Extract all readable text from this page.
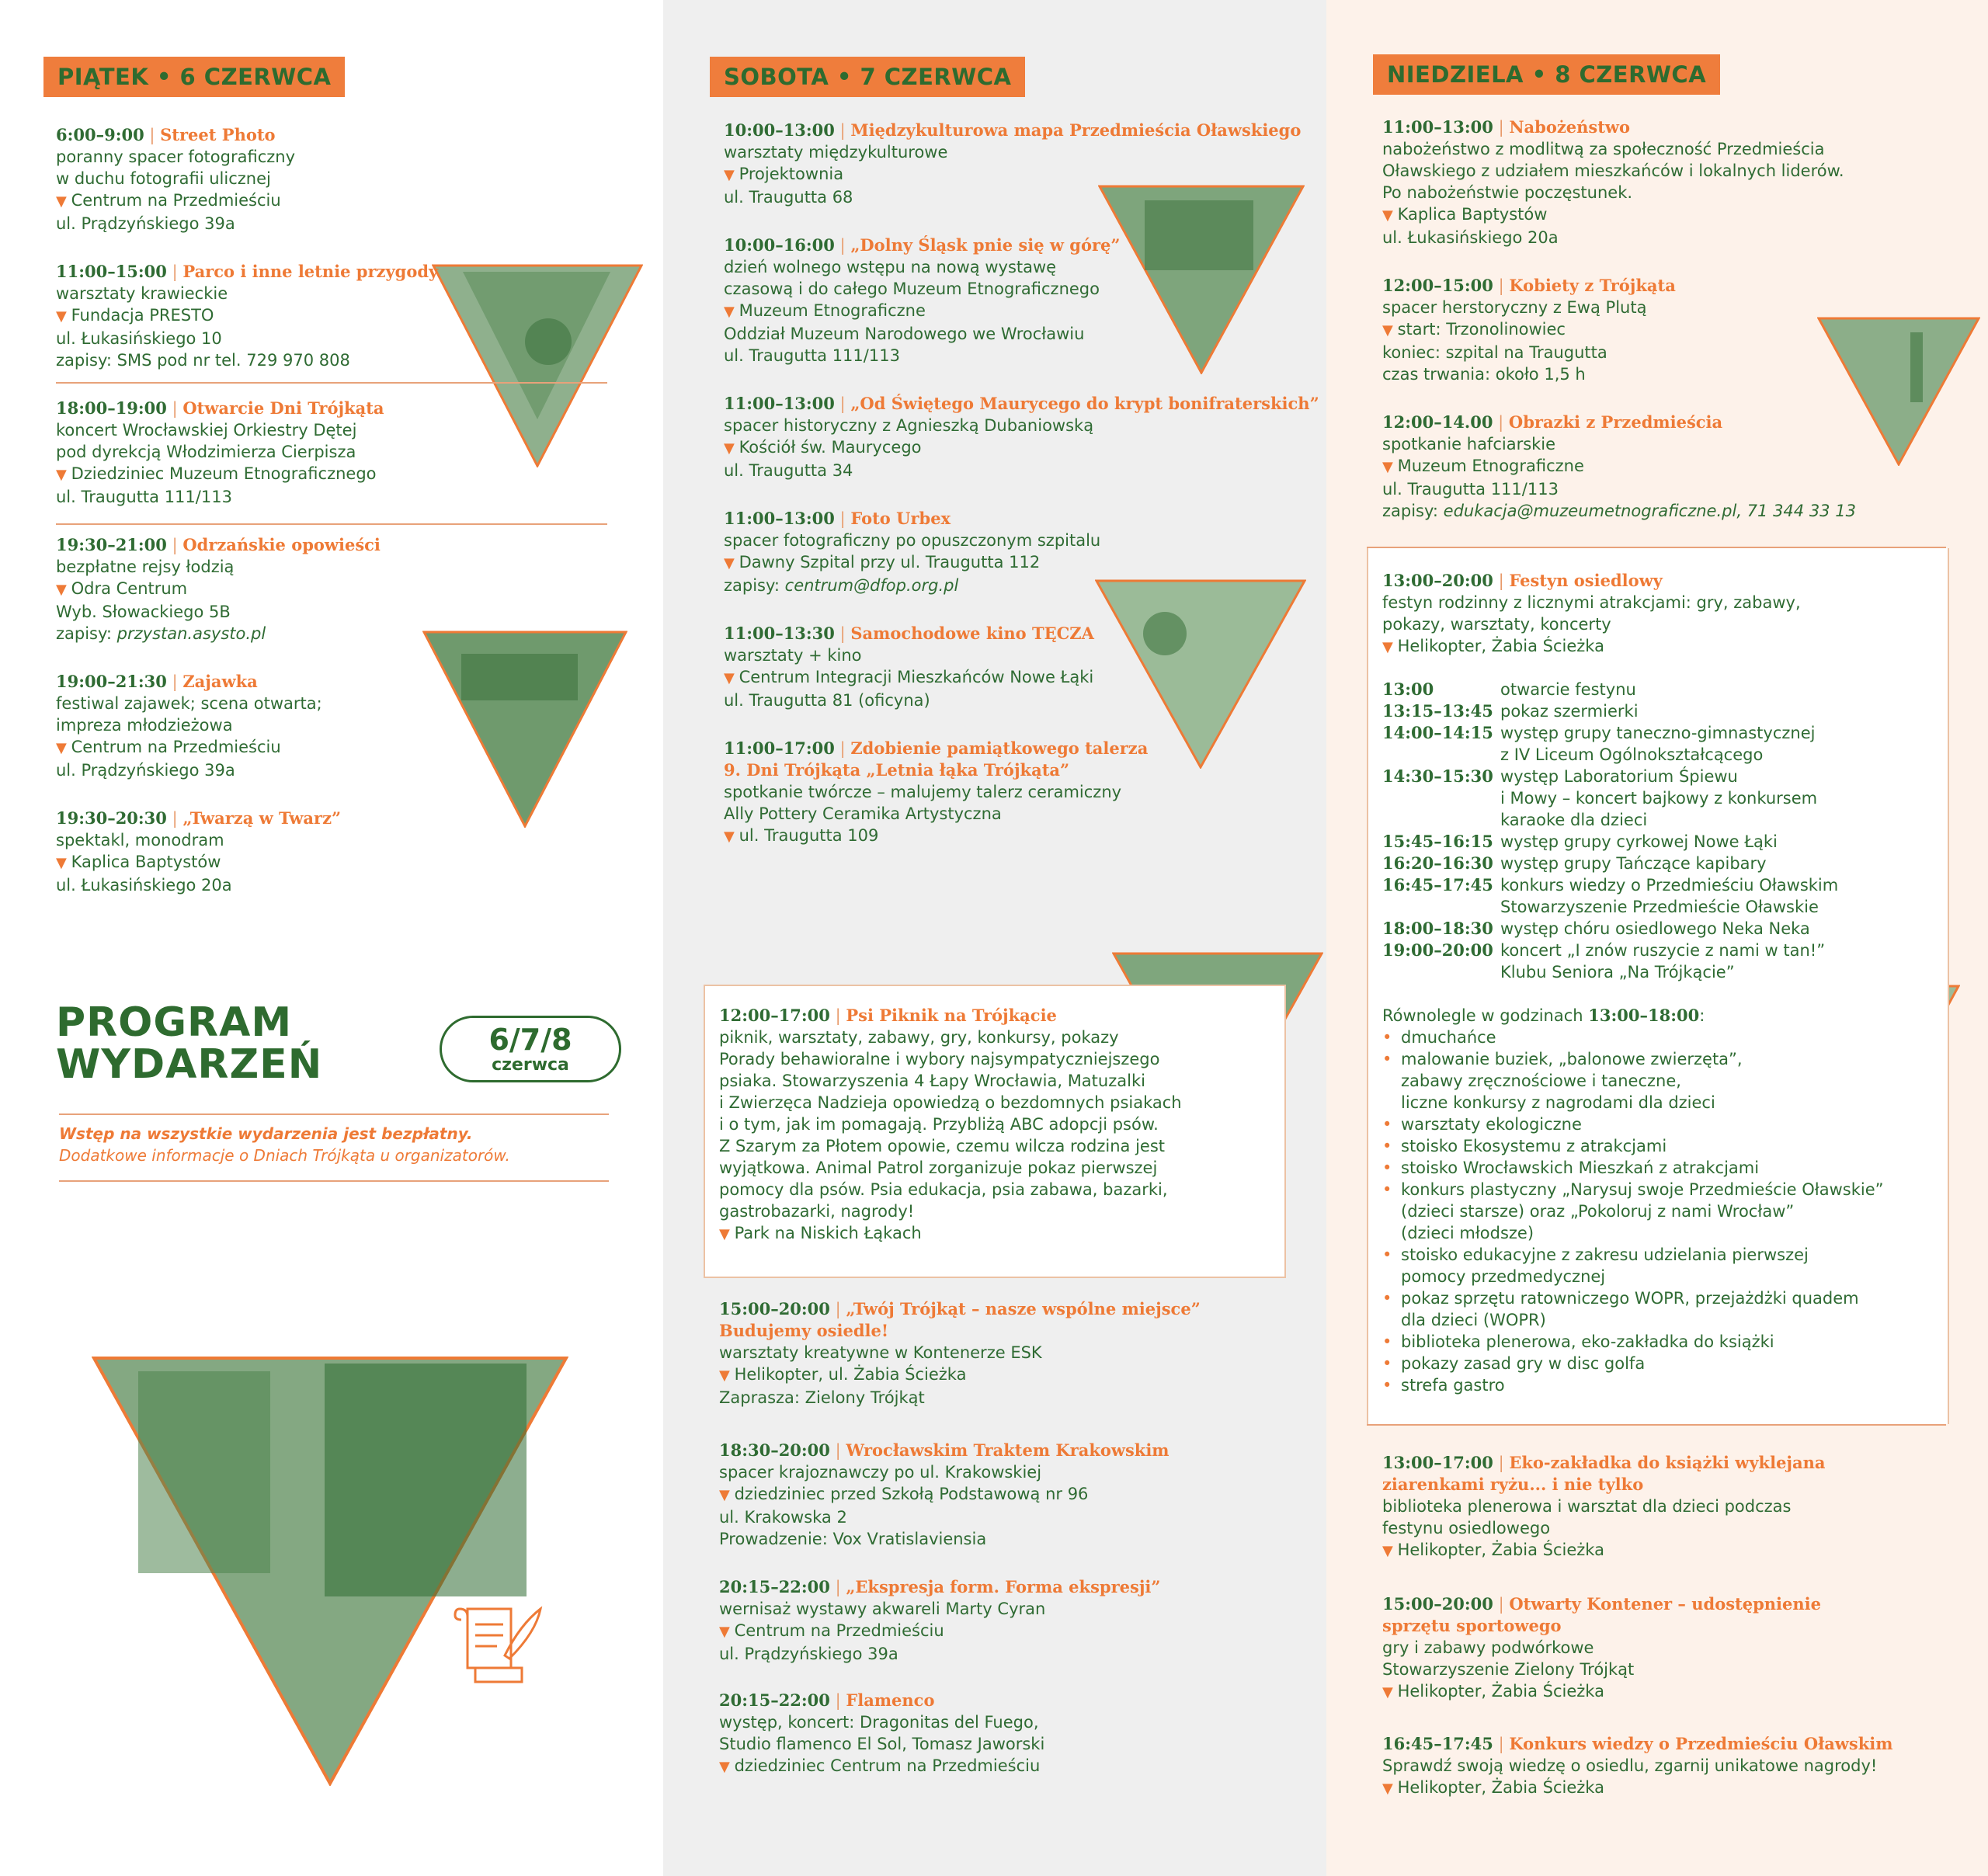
PIĄTEK • 6 CZERWCA	SOBOTA • 7 CZERWCA	NIEDZIELA • 8 CZERWCA
6:00–9:00 | Street Photo
poranny spacer fotograficzny
w duchu fotografii ulicznej
▼ Centrum na Przedmieściu
ul. Prądzyńskiego 39a
11:00–15:00 | Parco i inne letnie przygody
warsztaty krawieckie
▼ Fundacja PRESTO
ul. Łukasińskiego 10
zapisy: SMS pod nr tel. 729 970 808
18:00–19:00 | Otwarcie Dni Trójkąta
koncert Wrocławskiej Orkiestry Dętej
pod dyrekcją Włodzimierza Cierpisza
▼ Dziedziniec Muzeum Etnograficznego
ul. Traugutta 111/113
19:30–21:00 | Odrzańskie opowieści
bezpłatne rejsy łodzią
▼ Odra Centrum
Wyb. Słowackiego 5B
zapisy: przystan.asysto.pl
19:00–21:30 | Zajawka
festiwal zajawek; scena otwarta;
impreza młodzieżowa
▼ Centrum na Przedmieściu
ul. Prądzyńskiego 39a
19:30–20:30 | „Twarzą w Twarz”
spektakl, monodram
▼ Kaplica Baptystów
ul. Łukasińskiego 20a
PROGRAM
WYDARZEŃ
6/7/8
czerwca
Wstęp na wszystkie wydarzenia jest bezpłatny.
Dodatkowe informacje o Dniach Trójkąta u organizatorów.
10:00–13:00 | Międzykulturowa mapa Przedmieścia Oławskiego
warsztaty międzykulturowe
▼ Projektownia
ul. Traugutta 68
10:00–16:00 | „Dolny Śląsk pnie się w górę”
dzień wolnego wstępu na nową wystawę
czasową i do całego Muzeum Etnograficznego
▼ Muzeum Etnograficzne
Oddział Muzeum Narodowego we Wrocławiu
ul. Traugutta 111/113
11:00–13:00 | „Od Świętego Maurycego do krypt bonifraterskich”
spacer historyczny z Agnieszką Dubaniowską
▼ Kościół św. Maurycego
ul. Traugutta 34
11:00–13:00 | Foto Urbex
spacer fotograficzny po opuszczonym szpitalu
▼ Dawny Szpital przy ul. Traugutta 112
zapisy: centrum@dfop.org.pl
11:00–13:30 | Samochodowe kino TĘCZA
warsztaty + kino
▼ Centrum Integracji Mieszkańców Nowe Łąki
ul. Traugutta 81 (oficyna)
11:00–17:00 | Zdobienie pamiątkowego talerza
9. Dni Trójkąta „Letnia łąka Trójkąta”
spotkanie twórcze – malujemy talerz ceramiczny
Ally Pottery Ceramika Artystyczna
▼ ul. Traugutta 109
12:00–17:00 | Psi Piknik na Trójkącie
piknik, warsztaty, zabawy, gry, konkursy, pokazy
Porady behawioralne i wybory najsympatyczniejszego
psiaka. Stowarzyszenia 4 Łapy Wrocławia, Matuzalki
i Zwierzęca Nadzieja opowiedzą o bezdomnych psiakach
i o tym, jak im pomagają. Przybliżą ABC adopcji psów.
Z Szarym za Płotem opowie, czemu wilcza rodzina jest
wyjątkowa. Animal Patrol zorganizuje pokaz pierwszej
pomocy dla psów. Psia edukacja, psia zabawa, bazarki,
gastrobazarki, nagrody!
▼ Park na Niskich Łąkach
15:00–20:00 | „Twój Trójkąt – nasze wspólne miejsce”
Budujemy osiedle!
warsztaty kreatywne w Kontenerze ESK
▼ Helikopter, ul. Żabia Ścieżka
Zaprasza: Zielony Trójkąt
18:30–20:00 | Wrocławskim Traktem Krakowskim
spacer krajoznawczy po ul. Krakowskiej
▼ dziedziniec przed Szkołą Podstawową nr 96
ul. Krakowska 2
Prowadzenie: Vox Vratislaviensia
20:15–22:00 | „Ekspresja form. Forma ekspresji”
wernisaż wystawy akwareli Marty Cyran
▼ Centrum na Przedmieściu
ul. Prądzyńskiego 39a
20:15–22:00 | Flamenco
występ, koncert: Dragonitas del Fuego,
Studio flamenco El Sol, Tomasz Jaworski
▼ dziedziniec Centrum na Przedmieściu
11:00–13:00 | Nabożeństwo
nabożeństwo z modlitwą za społeczność Przedmieścia
Oławskiego z udziałem mieszkańców i lokalnych liderów.
Po nabożeństwie poczęstunek.
▼ Kaplica Baptystów
ul. Łukasińskiego 20a
12:00–15:00 | Kobiety z Trójkąta
spacer herstoryczny z Ewą Plutą
▼ start: Trzonolinowiec
koniec: szpital na Traugutta
czas trwania: około 1,5 h
12:00–14.00 | Obrazki z Przedmieścia
spotkanie hafciarskie
▼ Muzeum Etnograficzne
ul. Traugutta 111/113
zapisy: edukacja@muzeumetnograficzne.pl, 71 344 33 13
13:00–20:00 | Festyn osiedlowy
festyn rodzinny z licznymi atrakcjami: gry, zabawy,
pokazy, warsztaty, koncerty
▼ Helikopter, Żabia Ścieżka
13:00	otwarcie festynu
13:15–13:45 pokaz szermierki
14:00–14:15 występ grupy taneczno-gimnastycznej
z IV Liceum Ogólnokształcącego
14:30–15:30 występ Laboratorium Śpiewu
i Mowy – koncert bajkowy z konkursem
karaoke dla dzieci
15:45–16:15 występ grupy cyrkowej Nowe Łąki
16:20–16:30 występ grupy Tańczące kapibary
16:45–17:45 konkurs wiedzy o Przedmieściu Oławskim
Stowarzyszenie Przedmieście Oławskie
18:00–18:30 występ chóru osiedlowego Neka Neka
19:00–20:00 koncert „I znów ruszycie z nami w tan!”
Klubu Seniora „Na Trójkącie”
Równolegle w godzinach 13:00–18:00:
• dmuchańce
• malowanie buziek, „balonowe zwierzęta”,
zabawy zręcznościowe i taneczne,
liczne konkursy z nagrodami dla dzieci
• warsztaty ekologiczne
• stoisko Ekosystemu z atrakcjami
• stoisko Wrocławskich Mieszkań z atrakcjami
• konkurs plastyczny „Narysuj swoje Przedmieście Oławskie”
(dzieci starsze) oraz „Pokoloruj z nami Wrocław”
(dzieci młodsze)
• stoisko edukacyjne z zakresu udzielania pierwszej
pomocy przedmedycznej
• pokaz sprzętu ratowniczego WOPR, przejażdżki quadem
dla dzieci (WOPR)
• biblioteka plenerowa, eko-zakładka do książki
• pokazy zasad gry w disc golfa
• strefa gastro
13:00–17:00 | Eko-zakładka do książki wyklejana
ziarenkami ryżu... i nie tylko
biblioteka plenerowa i warsztat dla dzieci podczas
festynu osiedlowego
▼ Helikopter, Żabia Ścieżka
15:00–20:00 | Otwarty Kontener – udostępnienie
sprzętu sportowego
gry i zabawy podwórkowe
Stowarzyszenie Zielony Trójkąt
▼ Helikopter, Żabia Ścieżka
16:45–17:45 | Konkurs wiedzy o Przedmieściu Oławskim
Sprawdź swoją wiedzę o osiedlu, zgarnij unikatowe nagrody!
▼ Helikopter, Żabia Ścieżka
